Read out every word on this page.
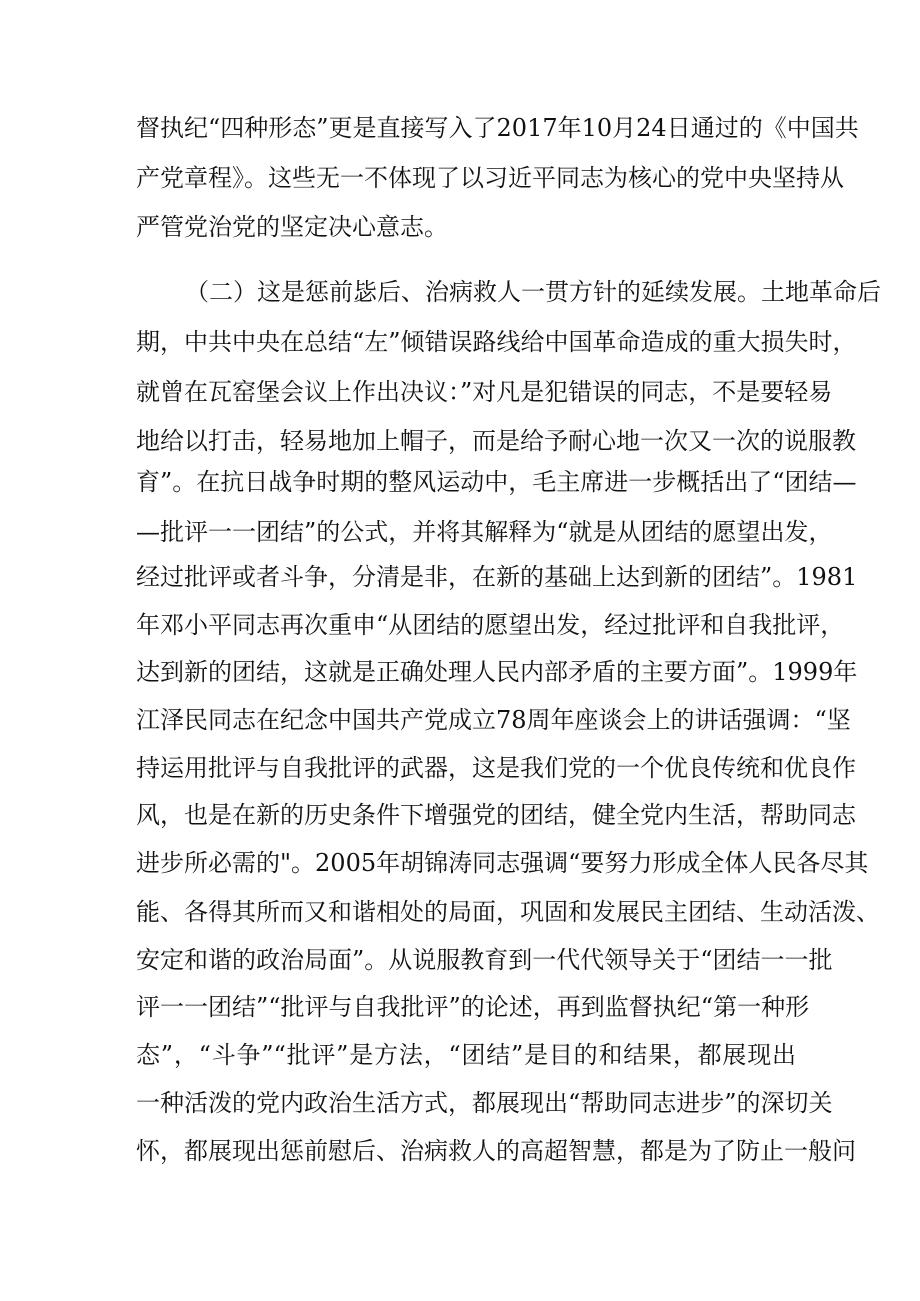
督执纪“四种形态”更是直接写入了2017年10月24日通过的《中国共
产党章程》。这些无一不体现了以习近平同志为核心的党中央坚持从
严管党治党的坚定决心意志。
（二）这是惩前毖后、治病救人一贯方针的延续发展。土地革命后
期，中共中央在总结“左”倾错误路线给中国革命造成的重大损失时，
就曾在瓦窑堡会议上作出决议：”对凡是犯错误的同志，不是要轻易
地给以打击，轻易地加上帽子，而是给予耐心地一次又一次的说服教
育”。在抗日战争时期的整风运动中，毛主席进一步概括出了“团结—
—批评一一团结”的公式，并将其解释为“就是从团结的愿望出发，
经过批评或者斗争，分清是非，在新的基础上达到新的团结”。1981
年邓小平同志再次重申“从团结的愿望出发，经过批评和自我批评，
达到新的团结，这就是正确处理人民内部矛盾的主要方面”。1999年
江泽民同志在纪念中国共产党成立78周年座谈会上的讲话强调：“坚
持运用批评与自我批评的武器，这是我们党的一个优良传统和优良作
风，也是在新的历史条件下增强党的团结，健全党内生活，帮助同志
进步所必需的"。2005年胡锦涛同志强调“要努力形成全体人民各尽其
能、各得其所而又和谐相处的局面，巩固和发展民主团结、生动活泼、
安定和谐的政治局面”。从说服教育到一代代领导关于“团结一一批
评一一团结”“批评与自我批评”的论述，再到监督执纪“第一种形
态”，“斗争”“批评”是方法，“团结”是目的和结果，都展现出
一种活泼的党内政治生活方式，都展现出“帮助同志进步”的深切关
怀，都展现出惩前慰后、治病救人的高超智慧，都是为了防止一般问
